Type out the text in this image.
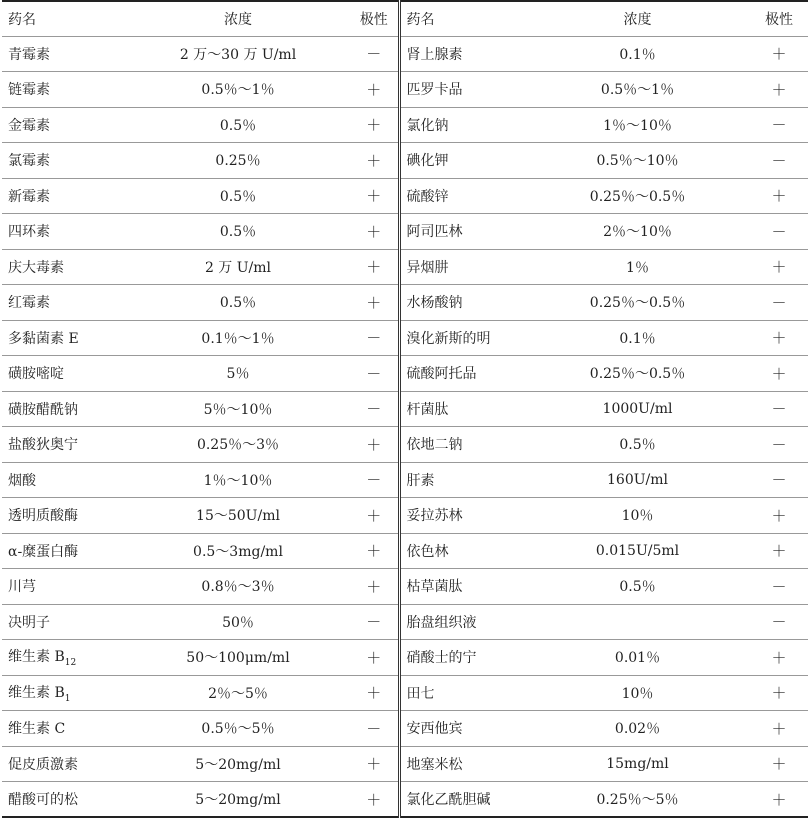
药名	浓度	极性	药名	浓度	极性
青霉素	2 万～30 万 U/ml	－	肾上腺素	0.1％	＋
链霉素	0.5％～1％	＋	匹罗卡品	0.5％～1％	＋
金霉素	0.5％	＋	氯化钠	1％～10％	－
氯霉素	0.25％	＋	碘化钾	0.5％～10％	－
新霉素	0.5％	＋	硫酸锌	0.25％～0.5％	＋
四环素	0.5％	＋	阿司匹林	2％～10％	－
庆大毒素	2 万 U/ml	＋	异烟肼	1％	＋
红霉素	0.5％	＋	水杨酸钠	0.25％～0.5％	－
多黏菌素 E	0.1％～1％	－	溴化新斯的明	0.1％	＋
磺胺嘧啶	5％	－	硫酸阿托品	0.25％～0.5％	＋
磺胺醋酰钠	5％～10％	－	杆菌肽	1000U/ml	－
盐酸狄奥宁	0.25％～3％	＋	依地二钠	0.5％	－
烟酸	1％～10％	－	肝素	160U/ml	－
透明质酸酶	15～50U/ml	＋	妥拉苏林	10％	＋
α-糜蛋白酶	0.5～3mg/ml	＋	依色林	0.015U/5ml	＋
川芎	0.8％～3％	＋	枯草菌肽	0.5％	－
决明子	50％	－	胎盘组织液		－
维生素 $B_{12}$	50～100μm/ml	＋	硝酸士的宁	0.01％	＋
维生素 $B_1$	2％～5％	＋	田七	10％	＋
维生素 C	0.5％～5％	－	安西他宾	0.02％	＋
促皮质激素	5～20mg/ml	＋	地塞米松	15mg/ml	＋
醋酸可的松	5～20mg/ml	＋	氯化乙酰胆碱	0.25％～5％	＋
